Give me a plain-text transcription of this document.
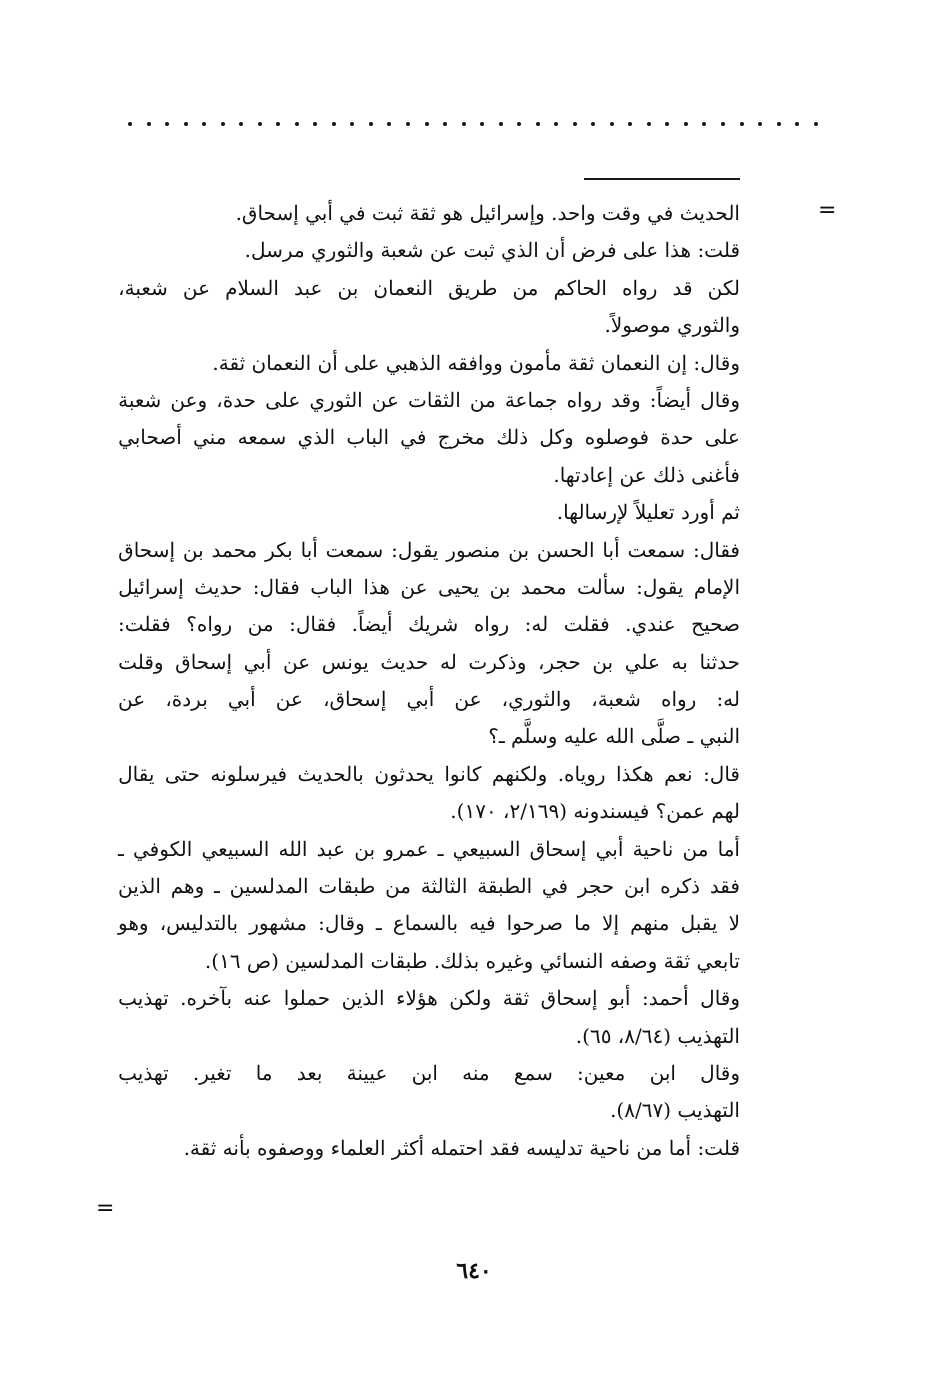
=
الحديث في وقت واحد. وإسرائيل هو ثقة ثبت في أبي إسحاق.
قلت: هذا على فرض أن الذي ثبت عن شعبة والثوري مرسل.
لكن
قد
رواه
الحاكم
من
طريق
النعمان
بن
عبد
السلام
عن
شعبة،
والثوري موصولاً.
وقال: إن النعمان ثقة مأمون ووافقه الذهبي على أن النعمان ثقة.
وقال
أيضاً:
وقد
رواه
جماعة
من
الثقات
عن
الثوري
على
حدة،
وعن
شعبة
على
حدة
فوصلوه
وكل
ذلك
مخرج
في
الباب
الذي
سمعه
مني
أصحابي
فأغنى ذلك عن إعادتها.
ثم أورد تعليلاً لإرسالها.
فقال:
سمعت
أبا
الحسن
بن
منصور
يقول:
سمعت
أبا
بكر
محمد
بن
إسحاق
الإمام
يقول:
سألت
محمد
بن
يحيى
عن
هذا
الباب
فقال:
حديث
إسرائيل
صحيح
عندي.
فقلت
له:
رواه
شريك
أيضاً.
فقال:
من
رواه؟
فقلت:
حدثنا
به
علي
بن
حجر،
وذكرت
له
حديث
يونس
عن
أبي
إسحاق
وقلت
له:
رواه
شعبة،
والثوري،
عن
أبي
إسحاق،
عن
أبي
بردة،
عن
النبي ـ صلَّى الله عليه وسلَّم ـ؟
قال:
نعم
هكذا
روياه.
ولكنهم
كانوا
يحدثون
بالحديث
فيرسلونه
حتى
يقال
لهم عمن؟ فيسندونه (٢/١٦٩، ١٧٠).
أما
من
ناحية
أبي
إسحاق
السبيعي
ـ
عمرو
بن
عبد
الله
السبيعي
الكوفي
ـ
فقد
ذكره
ابن
حجر
في
الطبقة
الثالثة
من
طبقات
المدلسين
ـ
وهم
الذين
لا
يقبل
منهم
إلا
ما
صرحوا
فيه
بالسماع
ـ
وقال:
مشهور
بالتدليس،
وهو
تابعي ثقة وصفه النسائي وغيره بذلك. طبقات المدلسين (ص ١٦).
وقال
أحمد:
أبو
إسحاق
ثقة
ولكن
هؤلاء
الذين
حملوا
عنه
بآخره.
تهذيب
التهذيب (٨/٦٤، ٦٥).
وقال
ابن
معين:
سمع
منه
ابن
عيينة
بعد
ما
تغير.
تهذيب
التهذيب (٨/٦٧).
قلت: أما من ناحية تدليسه فقد احتمله أكثر العلماء ووصفوه بأنه ثقة.
=
٦٤٠
